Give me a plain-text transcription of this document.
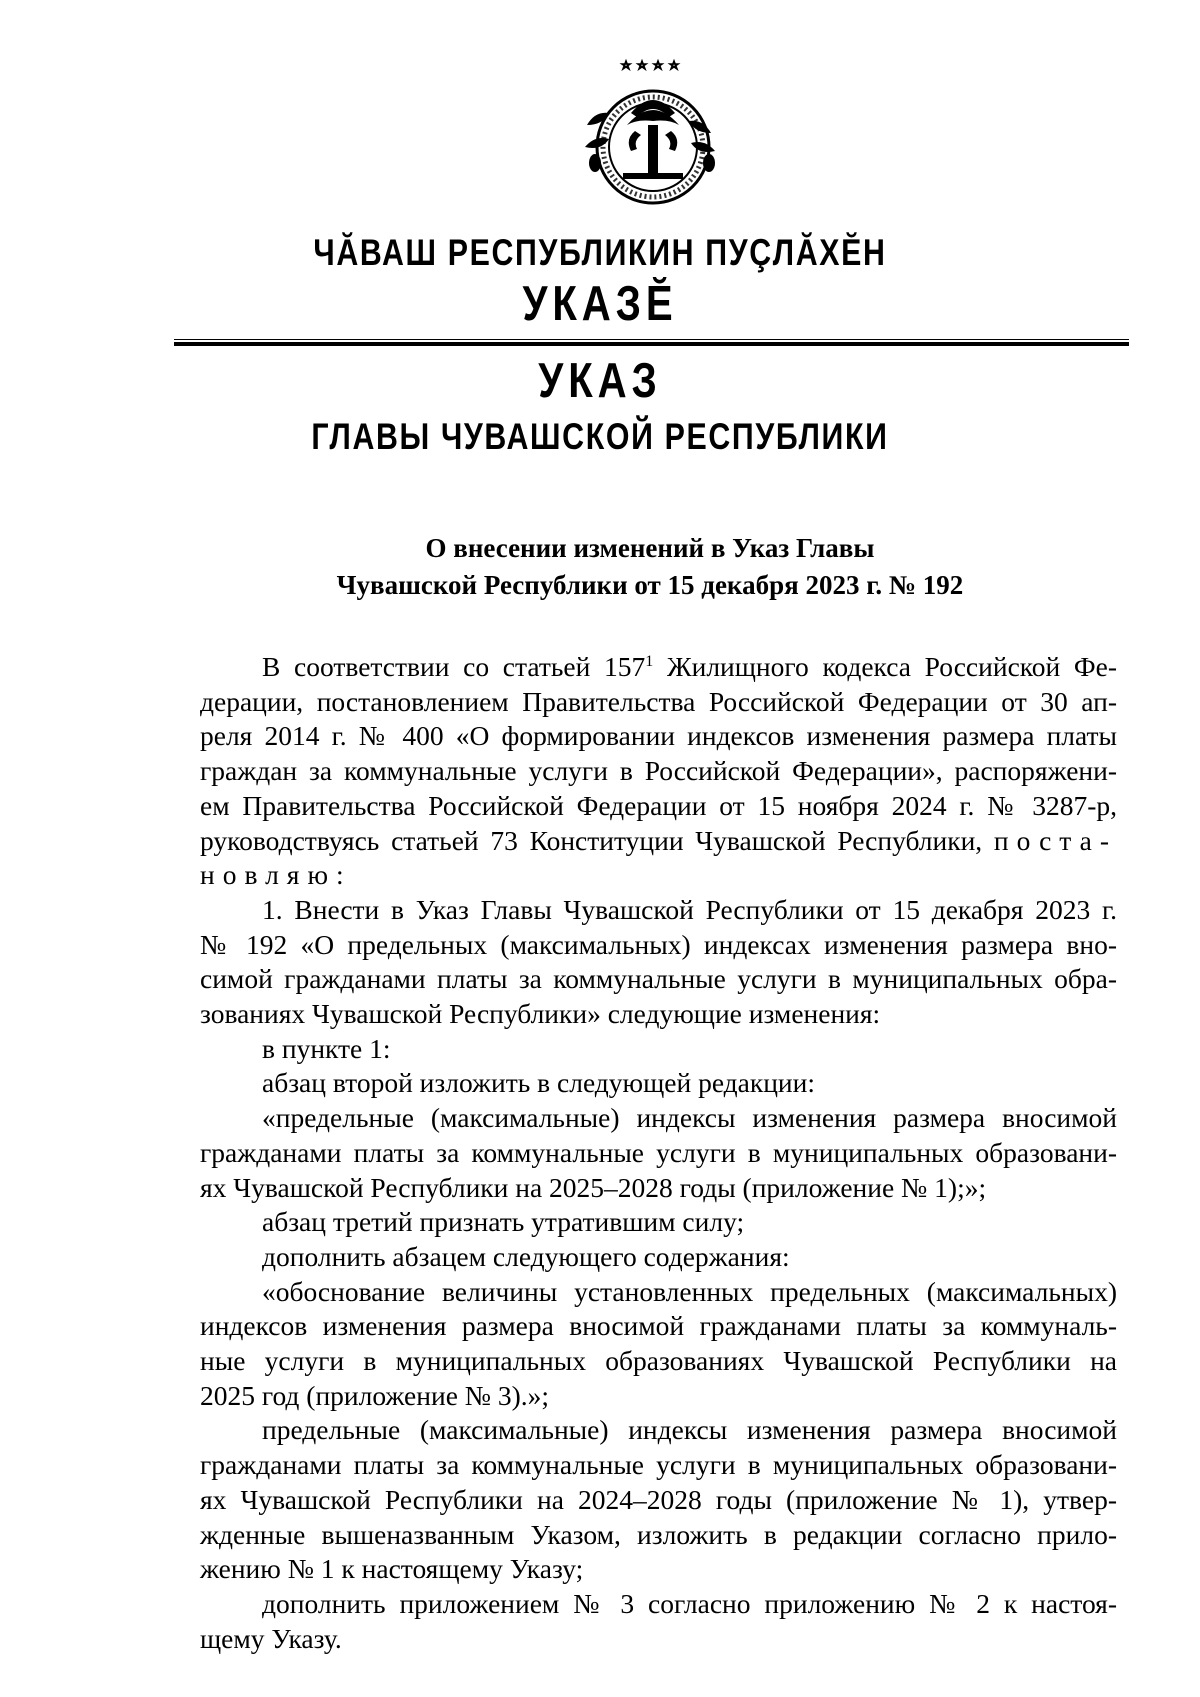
ЧĂВАШ РЕСПУБЛИКИН ПУÇЛĂХĔН
УКАЗĔ
УКАЗ
ГЛАВЫ ЧУВАШСКОЙ РЕСПУБЛИКИ
О внесении изменений в Указ Главы
Чувашской Республики от 15 декабря 2023 г. № 192
В соответствии со статьей $157^1$ Жилищного кодекса Российской Фе-
дерации, постановлением Правительства Российской Федерации от 30 ап-
реля 2014 г. № 400 «О формировании индексов изменения размера платы
граждан за коммунальные услуги в Российской Федерации», распоряжени-
ем Правительства Российской Федерации от 15 ноября 2024 г. № 3287-р,
руководствуясь статьей 73 Конституции Чувашской Республики, поста-
новляю:
1. Внести в Указ Главы Чувашской Республики от 15 декабря 2023 г.
№ 192 «О предельных (максимальных) индексах изменения размера вно-
симой гражданами платы за коммунальные услуги в муниципальных обра-
зованиях Чувашской Республики» следующие изменения:
в пункте 1:
абзац второй изложить в следующей редакции:
«предельные (максимальные) индексы изменения размера вносимой
гражданами платы за коммунальные услуги в муниципальных образовани-
ях Чувашской Республики на 2025–2028 годы (приложение № 1);»;
абзац третий признать утратившим силу;
дополнить абзацем следующего содержания:
«обоснование величины установленных предельных (максимальных)
индексов изменения размера вносимой гражданами платы за коммуналь-
ные услуги в муниципальных образованиях Чувашской Республики на
2025 год (приложение № 3).»;
предельные (максимальные) индексы изменения размера вносимой
гражданами платы за коммунальные услуги в муниципальных образовани-
ях Чувашской Республики на 2024–2028 годы (приложение № 1), утвер-
жденные вышеназванным Указом, изложить в редакции согласно прило-
жению № 1 к настоящему Указу;
дополнить приложением № 3 согласно приложению № 2 к настоя-
щему Указу.
